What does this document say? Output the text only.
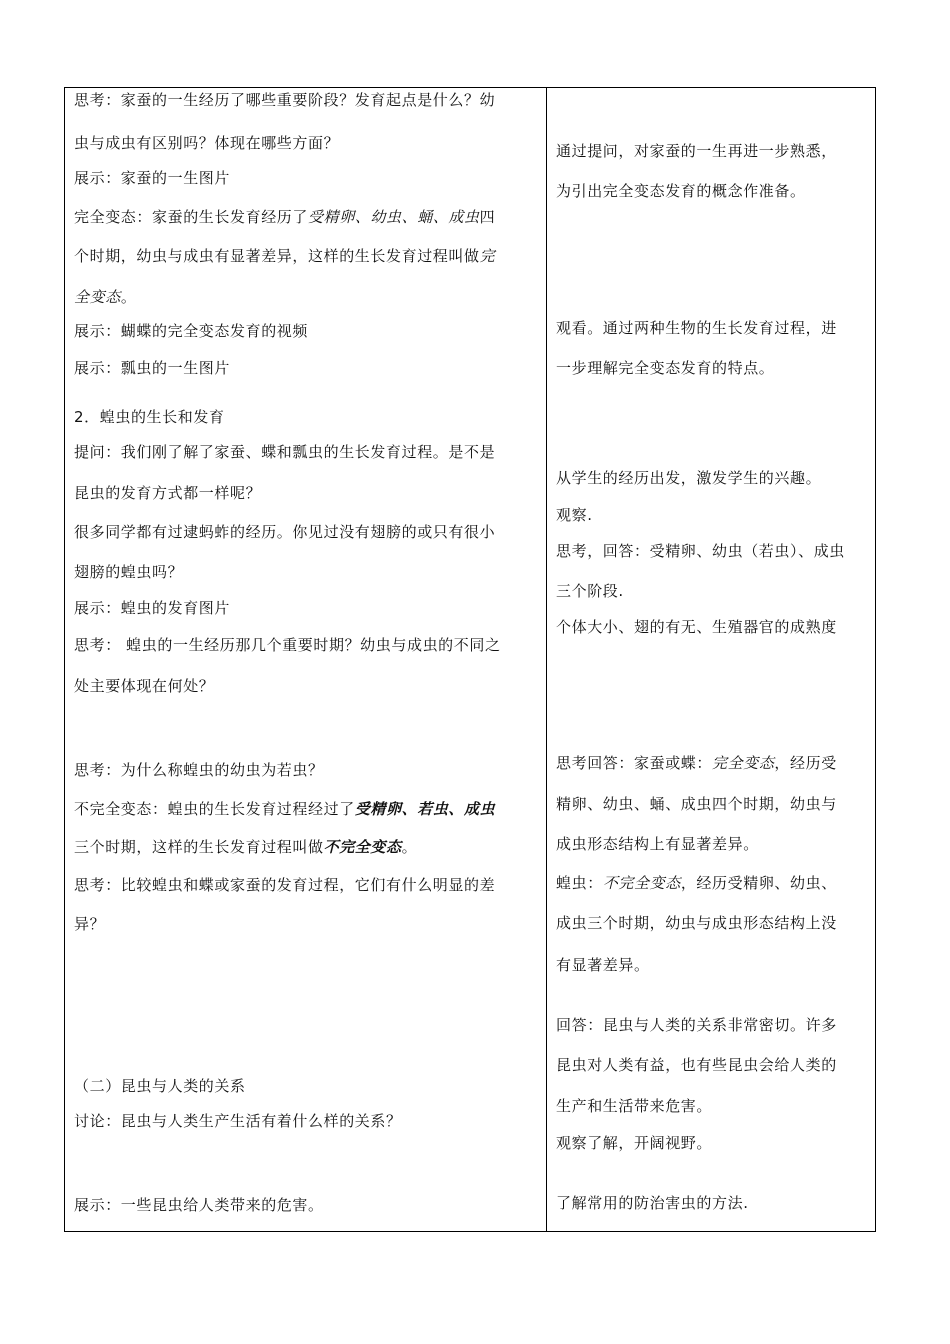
思考：家蚕的一生经历了哪些重要阶段？发育起点是什么？幼

虫与成虫有区别吗？体现在哪些方面？

展示：家蚕的一生图片

完全变态：家蚕的生长发育经历了受精卵、幼虫、蛹、成虫四

个时期，幼虫与成虫有显著差异，这样的生长发育过程叫做完

全变态。

展示：蝴蝶的完全变态发育的视频

展示：瓢虫的一生图片

2．蝗虫的生长和发育

提问：我们刚了解了家蚕、蝶和瓢虫的生长发育过程。是不是

昆虫的发育方式都一样呢？

很多同学都有过逮蚂蚱的经历。你见过没有翅膀的或只有很小

翅膀的蝗虫吗？

展示：蝗虫的发育图片

思考： 蝗虫的一生经历那几个重要时期？幼虫与成虫的不同之

处主要体现在何处？

思考：为什么称蝗虫的幼虫为若虫？

不完全变态：蝗虫的生长发育过程经过了受精卵、若虫、成虫

三个时期，这样的生长发育过程叫做不完全变态。

思考：比较蝗虫和蝶或家蚕的发育过程，它们有什么明显的差

异？

（二）昆虫与人类的关系

讨论：昆虫与人类生产生活有着什么样的关系？

展示：一些昆虫给人类带来的危害。

通过提问，对家蚕的一生再进一步熟悉，

为引出完全变态发育的概念作准备。

观看。通过两种生物的生长发育过程，进

一步理解完全变态发育的特点。

从学生的经历出发，激发学生的兴趣。

观察.

思考，回答：受精卵、幼虫（若虫）、成虫

三个阶段.

个体大小、翅的有无、生殖器官的成熟度

思考回答：家蚕或蝶：完全变态，经历受

精卵、幼虫、蛹、成虫四个时期，幼虫与

成虫形态结构上有显著差异。

蝗虫：不完全变态，经历受精卵、幼虫、

成虫三个时期，幼虫与成虫形态结构上没

有显著差异。

回答：昆虫与人类的关系非常密切。许多

昆虫对人类有益，也有些昆虫会给人类的

生产和生活带来危害。

观察了解，开阔视野。

了解常用的防治害虫的方法.
